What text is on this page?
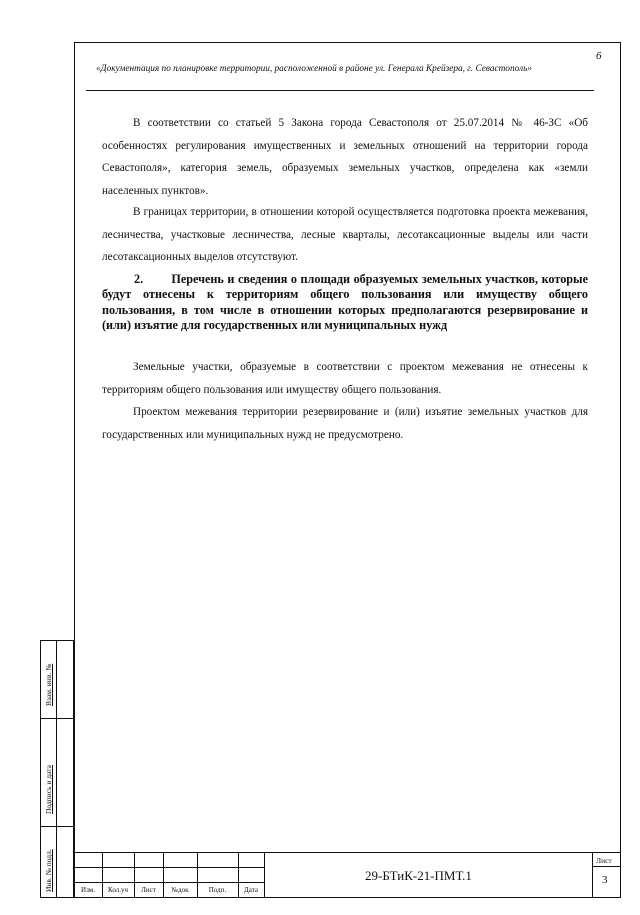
6
«Документация по планировке территории, расположенной в районе ул. Генерала Крейзера, г. Севастополь»
В соответствии со статьей 5 Закона города Севастополя от 25.07.2014 № 46-ЗС «Об особенностях регулирования имущественных и земельных отношений на территории города Севастополя», категория земель, образуемых земельных участков, определена как «земли населенных пунктов».
В границах территории, в отношении которой осуществляется подготовка проекта межевания, лесничества, участковые лесничества, лесные кварталы, лесотаксационные выделы или части лесотаксационных выделов отсутствуют.
2.        Перечень и сведения о площади образуемых земельных участков, которые будут отнесены к территориям общего пользования или имуществу общего пользования, в том числе в отношении которых предполагаются резервирование и (или) изъятие для государственных или муниципальных нужд
Земельные участки, образуемые в соответствии с проектом межевания не отнесены к территориям общего пользования или имуществу общего пользования.
Проектом межевания территории резервирование и (или) изъятие земельных участков для государственных или муниципальных нужд не предусмотрено.
Взам. инв. №
Подпись и дата
Инв. № подл.	Изм.	Кол.уч	Лист	№док	Подп.	Дата
29-БТиК-21-ПМТ.1
Лист
3
